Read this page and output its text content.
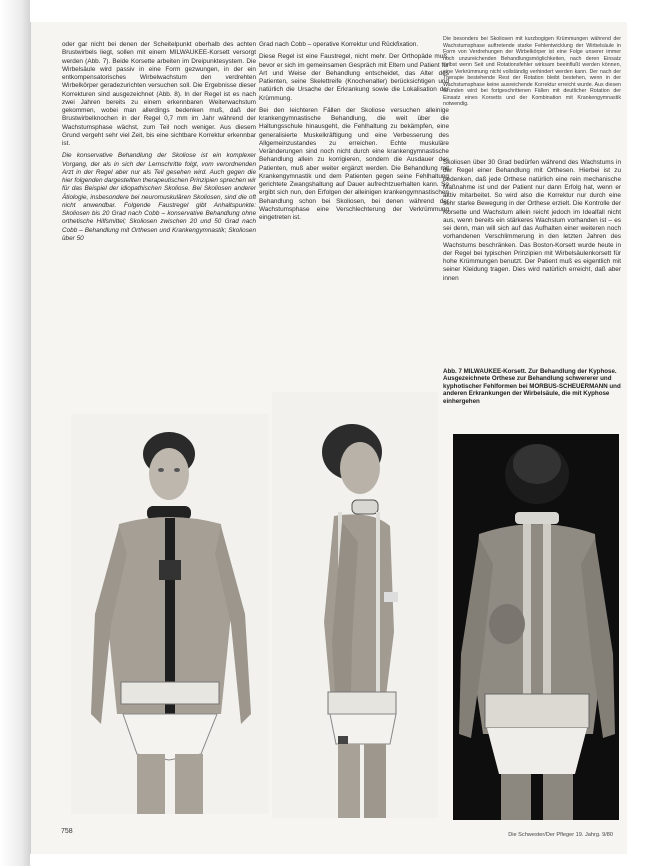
oder gar nicht bei denen der Scheitelpunkt oberhalb des achten Brustwirbels liegt, sollen mit einem MILWAUKEE-Korsett versorgt werden (Abb. 7). Beide Korsette arbeiten im Dreipunktesystem. Die Wirbelsäule wird passiv in eine Form gezwungen, in der ein entkompensatorisches Wirbelwachstum den verdrehten Wirbelkörper geradezurichten versuchen soll. Die Ergebnisse dieser Korrekturen sind ausgezeichnet (Abb. 8). In der Regel ist es nach zwei Jahren bereits zu einem erkennbaren Weiterwachstum gekommen, wobei man allerdings bedenken muß, daß der Brustwirbelknochen in der Regel 0,7 mm im Jahr während der Wachstumsphase wächst, zum Teil noch weniger. Aus diesem Grund vergeht sehr viel Zeit, bis eine sichtbare Korrektur erkennbar ist.

Die konservative Behandlung der Skoliose ist ein komplexer Vorgang, der als in sich der Lernschritte folgt, vom verordnenden Arzt in der Regel aber nur als Teil gesehen wird. Auch gegen die hier folgenden dargestellten therapeutischen Prinzipien sprechen wir für das Beispiel der idiopathischen Skoliose. Bei Skoliosen anderer Ätiologie, insbesondere bei neuromuskulären Skoliosen, sind die oft nicht anwendbar. Folgende Faustregel gibt Anhaltspunkte: Skoliosen bis 20 Grad nach Cobb – konservative Behandlung ohne orthetische Hilfsmittel; Skoliosen zwischen 20 und 50 Grad nach Cobb – Behandlung mit Orthesen und Krankengymnastik; Skoliosen über 50

Grad nach Cobb – operative Korrektur und Rückfixation.

Diese Regel ist eine Faustregel, nicht mehr. Der Orthopäde muß, bevor er sich im gemeinsamen Gespräch mit Eltern und Patient für Art und Weise der Behandlung entscheidet, das Alter des Patienten, seine Skelettreife (Knochenalter) berücksichtigen und natürlich die Ursache der Erkrankung sowie die Lokalisation der Krümmung.

Bei den leichteren Fällen der Skoliose versuchen alleinige krankengymnastische Behandlung, die weit über die Haltungsschule hinausgeht, die Fehlhaltung zu bekämpfen, eine generalisierte Muskelkräftigung und eine Verbesserung des Allgemeinzustandes zu erreichen. Echte muskuläre Veränderungen sind noch nicht durch eine krankengymnastische Behandlung allein zu korrigieren, sondern die Ausdauer des Patienten, muß aber weiter ergänzt werden. Die Behandlung mit Krankengymnastik und dem Patienten gegen seine Fehlhaltung gerichtete Zwangshaltung auf Dauer aufrechtzuerhalten kann. So ergibt sich nun, den Erfolgen der alleinigen krankengymnastischen Behandlung schon bei Skoliosen, bei denen während der Wachstumsphase eine Verschlechterung der Verkrümmung eingetreten ist.

Die besonders bei Skoliosen mit kurzbogigen Krümmungen während der Wachstumsphase auftretende starke Fehlentwicklung der Wirbelsäule in Form von Verdrehungen der Wirbelkörper ist eine Folge unserer immer noch unzureichenden Behandlungsmöglichkeiten, nach deren Einsatz selbst wenn Seit und Rotationsfehler wirksam beeinflußt werden können, eine Verkrümmung nicht vollständig verhindert werden kann. Der nach der Therapie bestehende Rest der Rotation bleibt bestehen, wenn in der Wachstumsphase keine ausreichende Korrektur erreicht wurde. Aus diesen Gründen wird bei fortgeschrittenen Fällen mit deutlicher Rotation der Einsatz eines Korsetts und der Kombination mit Krankengymnastik notwendig.

Skoliosen über 30 Grad bedürfen während des Wachstums in der Regel einer Behandlung mit Orthesen. Hierbei ist zu bedenken, daß jede Orthese natürlich eine rein mechanische Maßnahme ist und der Patient nur dann Erfolg hat, wenn er aktiv mitarbeitet. So wird also die Korrektur nur durch eine sehr starke Bewegung in der Orthese erzielt. Die Kontrolle der Korsette und Wachstum allein reicht jedoch im Idealfall nicht aus, wenn bereits ein stärkeres Wachstum vorhanden ist – es sei denn, man will sich auf das Aufhalten einer weiteren noch vorhandenen Verschlimmerung in den letzten Jahren des Wachstums beschränken. Das Boston-Korsett wurde heute in der Regel bei typischen Prinzipien mit Wirbelsäulenkorsett für hohe Krümmungen benutzt. Der Patient muß es eigentlich mit seiner Kleidung tragen. Dies wird natürlich erreicht, daß aber innen

Abb. 7 MILWAUKEE-Korsett. Zur Behandlung der Kyphose. Ausgezeichnete Orthese zur Behandlung schwererer und kyphotischer Fehlformen bei MORBUS-SCHEUERMANN und anderen Erkrankungen der Wirbelsäule, die mit Kyphose einhergehen
758	Die Schwester/Der Pfleger 19. Jahrg. 9/80
